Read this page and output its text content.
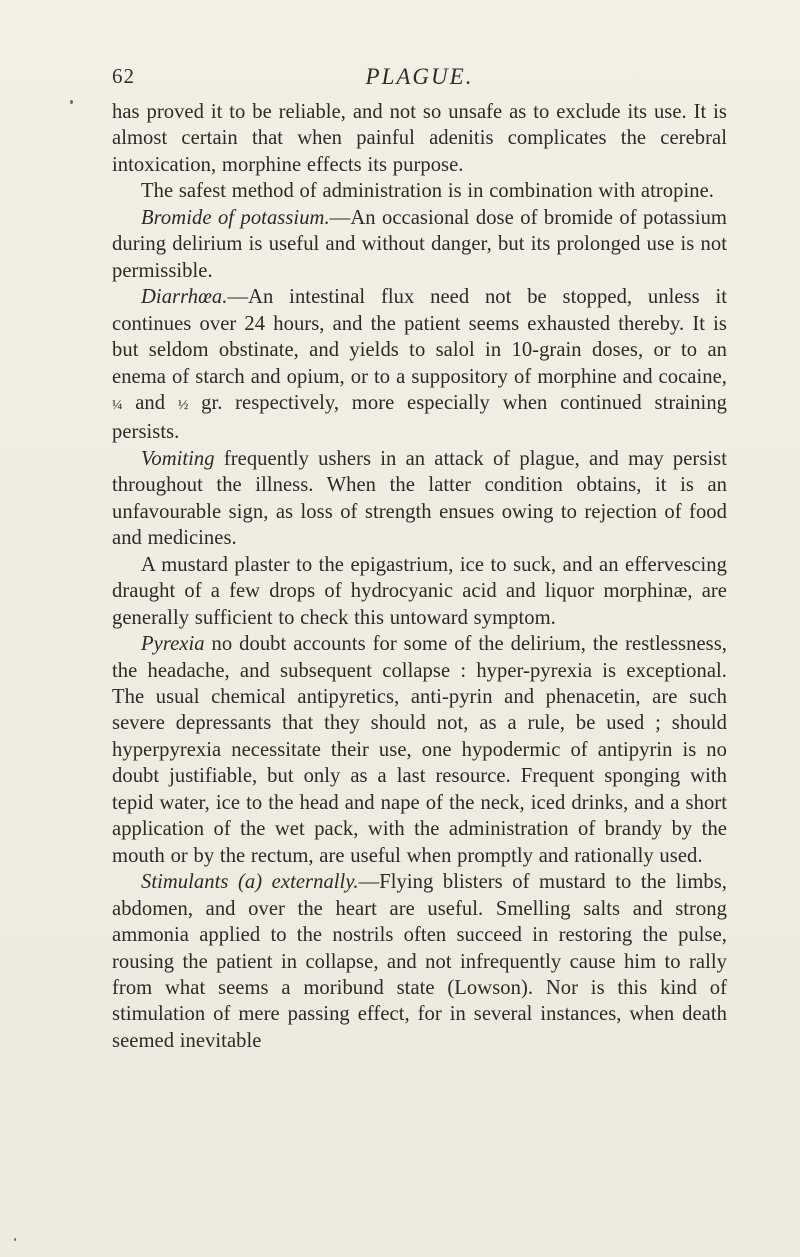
62	PLAGUE.

has proved it to be reliable, and not so unsafe as to exclude its use. It is almost certain that when painful adenitis complicates the cerebral intoxication, morphine effects its purpose.

The safest method of administration is in combination with atropine.

Bromide of potassium.—An occasional dose of bromide of potassium during delirium is useful and without danger, but its prolonged use is not permissible.

Diarrhœa.—An intestinal flux need not be stopped, unless it continues over 24 hours, and the patient seems exhausted thereby. It is but seldom obstinate, and yields to salol in 10-grain doses, or to an enema of starch and opium, or to a suppository of morphine and cocaine, ¼ and ½ gr. respectively, more especially when continued straining persists.

Vomiting frequently ushers in an attack of plague, and may persist throughout the illness. When the latter condition obtains, it is an unfavourable sign, as loss of strength ensues owing to rejection of food and medicines.

A mustard plaster to the epigastrium, ice to suck, and an effervescing draught of a few drops of hydrocyanic acid and liquor morphinæ, are generally sufficient to check this untoward symptom.

Pyrexia no doubt accounts for some of the delirium, the restlessness, the headache, and subsequent collapse : hyper-pyrexia is exceptional. The usual chemical antipyretics, anti-pyrin and phenacetin, are such severe depressants that they should not, as a rule, be used ; should hyperpyrexia necessitate their use, one hypodermic of antipyrin is no doubt justifiable, but only as a last resource. Frequent sponging with tepid water, ice to the head and nape of the neck, iced drinks, and a short application of the wet pack, with the administration of brandy by the mouth or by the rectum, are useful when promptly and rationally used.

Stimulants (a) externally.—Flying blisters of mustard to the limbs, abdomen, and over the heart are useful. Smelling salts and strong ammonia applied to the nostrils often succeed in restoring the pulse, rousing the patient in collapse, and not infrequently cause him to rally from what seems a moribund state (Lowson). Nor is this kind of stimulation of mere passing effect, for in several instances, when death seemed inevitable
